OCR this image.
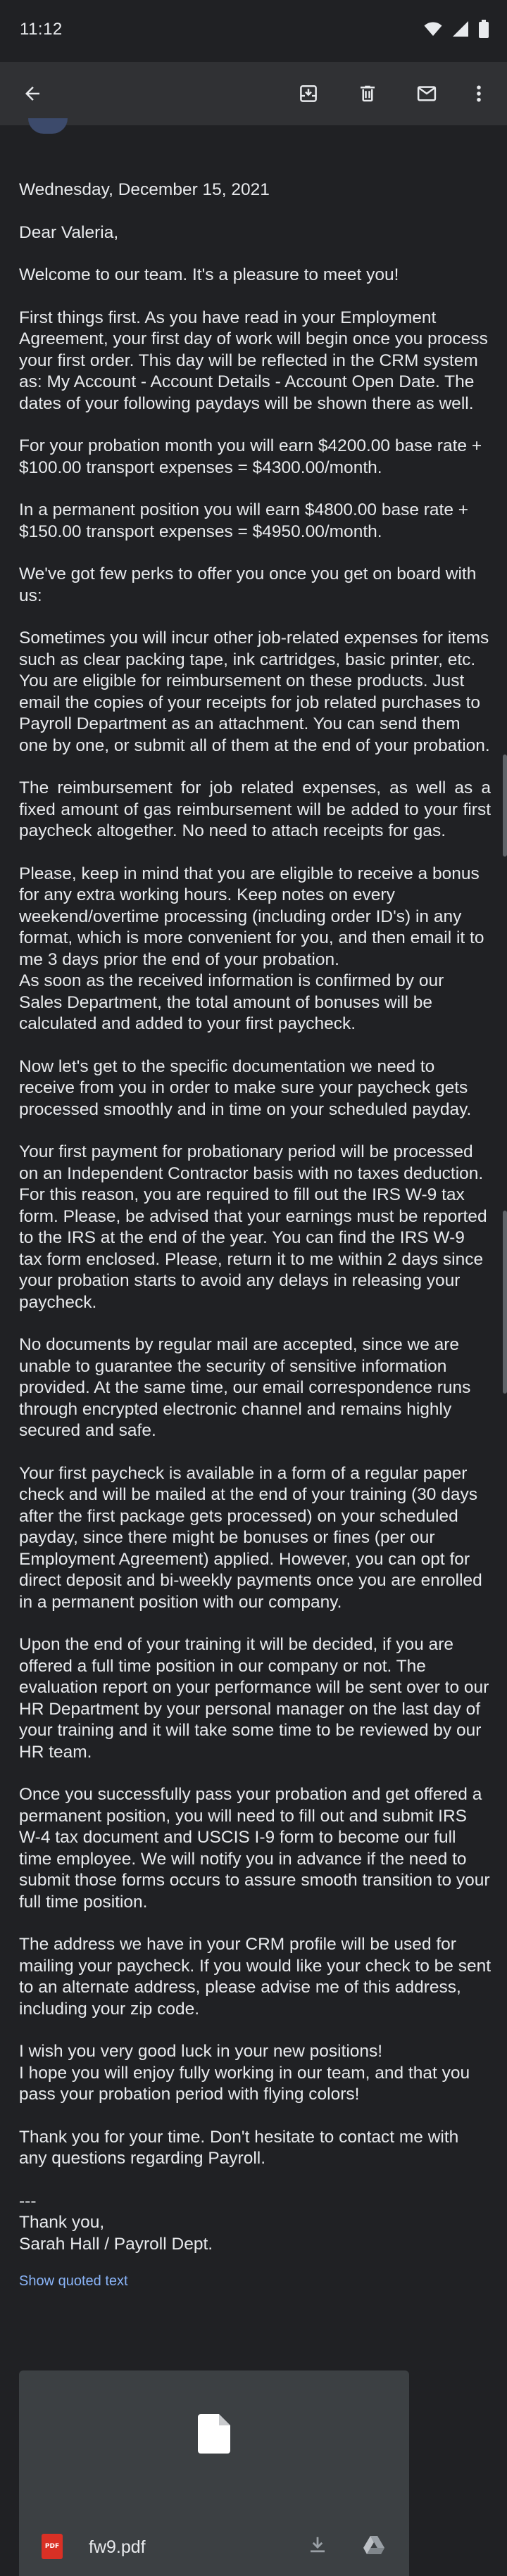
11:12

Wednesday, December 15, 2021

Dear Valeria,

Welcome to our team. It's a pleasure to meet you!

First things first. As you have read in your Employment Agreement, your first day of work will begin once you process your first order. This day will be reflected in the CRM system as: My Account - Account Details - Account Open Date. The dates of your following paydays will be shown there as well.

For your probation month you will earn $4200.00 base rate + $100.00 transport expenses = $4300.00/month.

In a permanent position you will earn $4800.00 base rate + $150.00 transport expenses = $4950.00/month.

We've got few perks to offer you once you get on board with us:

Sometimes you will incur other job-related expenses for items such as clear packing tape, ink cartridges, basic printer, etc. You are eligible for reimbursement on these products. Just email the copies of your receipts for job related purchases to Payroll Department as an attachment. You can send them one by one, or submit all of them at the end of your probation.

The reimbursement for job related expenses, as well as a fixed amount of gas reimbursement will be added to your first paycheck altogether. No need to attach receipts for gas.

Please, keep in mind that you are eligible to receive a bonus for any extra working hours. Keep notes on every weekend/overtime processing (including order ID's) in any format, which is more convenient for you, and then email it to me 3 days prior the end of your probation.

As soon as the received information is confirmed by our Sales Department, the total amount of bonuses will be calculated and added to your first paycheck.

Now let's get to the specific documentation we need to receive from you in order to make sure your paycheck gets processed smoothly and in time on your scheduled payday.

Your first payment for probationary period will be processed on an Independent Contractor basis with no taxes deduction. For this reason, you are required to fill out the IRS W-9 tax form. Please, be advised that your earnings must be reported to the IRS at the end of the year. You can find the IRS W-9 tax form enclosed. Please, return it to me within 2 days since your probation starts to avoid any delays in releasing your paycheck.

No documents by regular mail are accepted, since we are unable to guarantee the security of sensitive information provided. At the same time, our email correspondence runs through encrypted electronic channel and remains highly secured and safe.

Your first paycheck is available in a form of a regular paper check and will be mailed at the end of your training (30 days after the first package gets processed) on your scheduled payday, since there might be bonuses or fines (per our Employment Agreement) applied. However, you can opt for direct deposit and bi-weekly payments once you are enrolled in a permanent position with our company.

Upon the end of your training it will be decided, if you are offered a full time position in our company or not. The evaluation report on your performance will be sent over to our HR Department by your personal manager on the last day of your training and it will take some time to be reviewed by our HR team.

Once you successfully pass your probation and get offered a permanent position, you will need to fill out and submit IRS W-4 tax document and USCIS I-9 form to become our full time employee. We will notify you in advance if the need to submit those forms occurs to assure smooth transition to your full time position.

The address we have in your CRM profile will be used for mailing your paycheck. If you would like your check to be sent to an alternate address, please advise me of this address, including your zip code.

I wish you very good luck in your new positions!

I hope you will enjoy fully working in our team, and that you pass your probation period with flying colors!

Thank you for your time. Don't hesitate to contact me with any questions regarding Payroll.

---

Thank you,

Sarah Hall / Payroll Dept.

Show quoted text
PDF fw9.pdf
